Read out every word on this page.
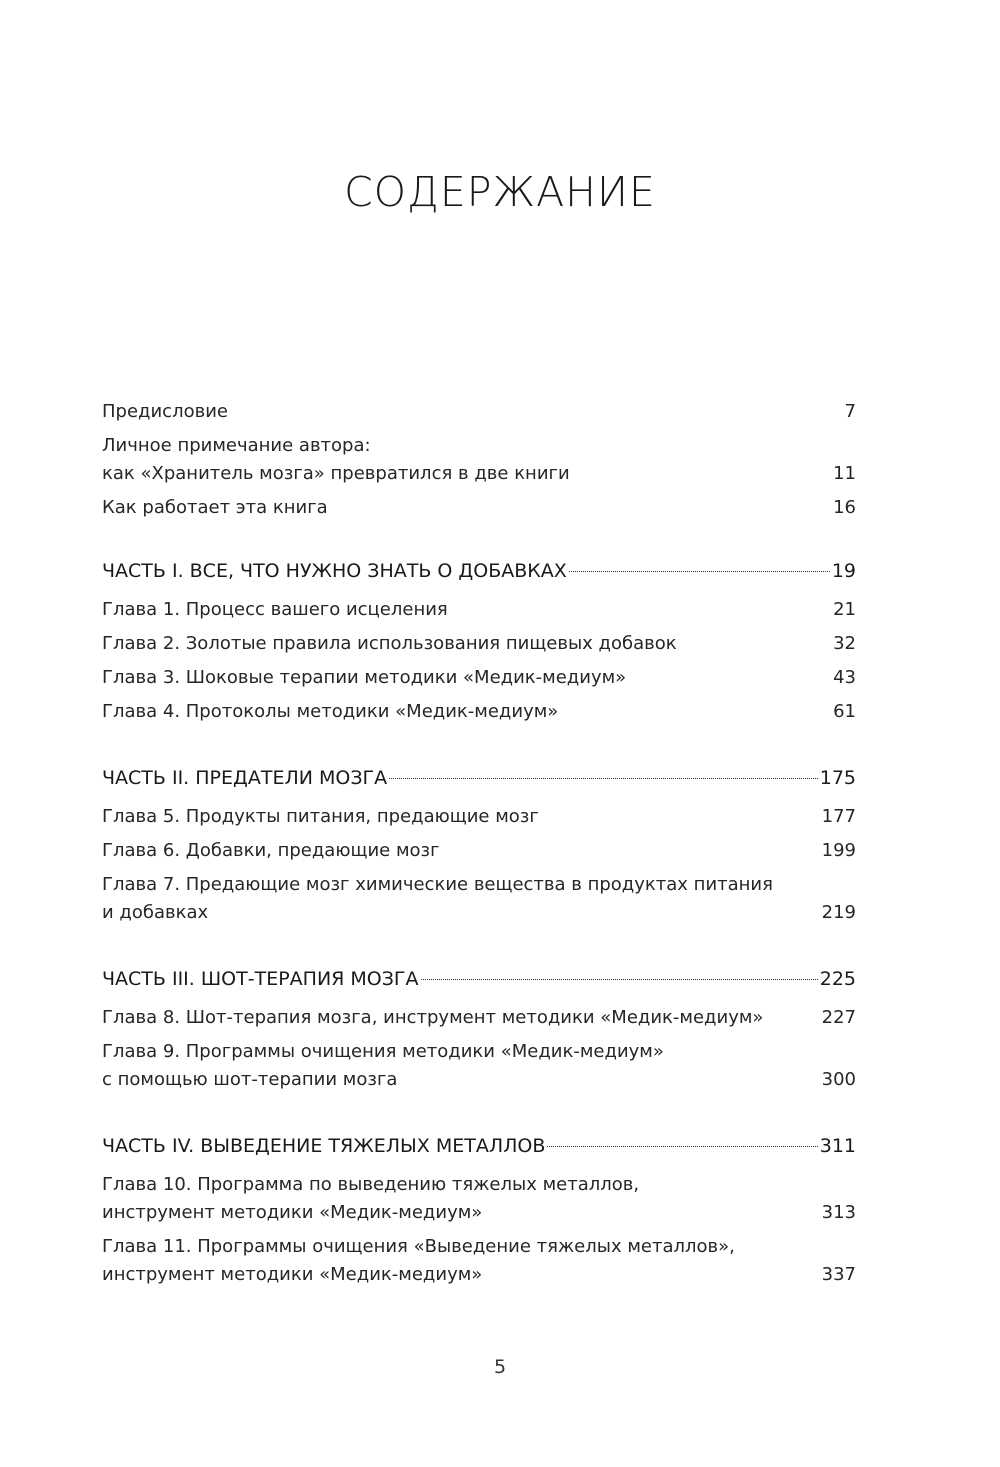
СОДЕРЖАНИЕ
Предисловие	7
Личное примечание автора:
как «Хранитель мозга» превратился в две книги	11
Как работает эта книга	16
ЧАСТЬ I. ВСЕ, ЧТО НУЖНО ЗНАТЬ О ДОБАВКАХ	19
Глава 1. Процесс вашего исцеления	21
Глава 2. Золотые правила использования пищевых добавок	32
Глава 3. Шоковые терапии методики «Медик-медиум»	43
Глава 4. Протоколы методики «Медик-медиум»	61
ЧАСТЬ II. ПРЕДАТЕЛИ МОЗГА	175
Глава 5. Продукты питания, предающие мозг	177
Глава 6. Добавки, предающие мозг	199
Глава 7. Предающие мозг химические вещества в продуктах питания
и добавках	219
ЧАСТЬ III. ШОТ-ТЕРАПИЯ МОЗГА	225
Глава 8. Шот-терапия мозга, инструмент методики «Медик-медиум»	227
Глава 9. Программы очищения методики «Медик-медиум»
с помощью шот-терапии мозга	300
ЧАСТЬ IV. ВЫВЕДЕНИЕ ТЯЖЕЛЫХ МЕТАЛЛОВ	311
Глава 10. Программа по выведению тяжелых металлов,
инструмент методики «Медик-медиум»	313
Глава 11. Программы очищения «Выведение тяжелых металлов»,
инструмент методики «Медик-медиум»	337
5
